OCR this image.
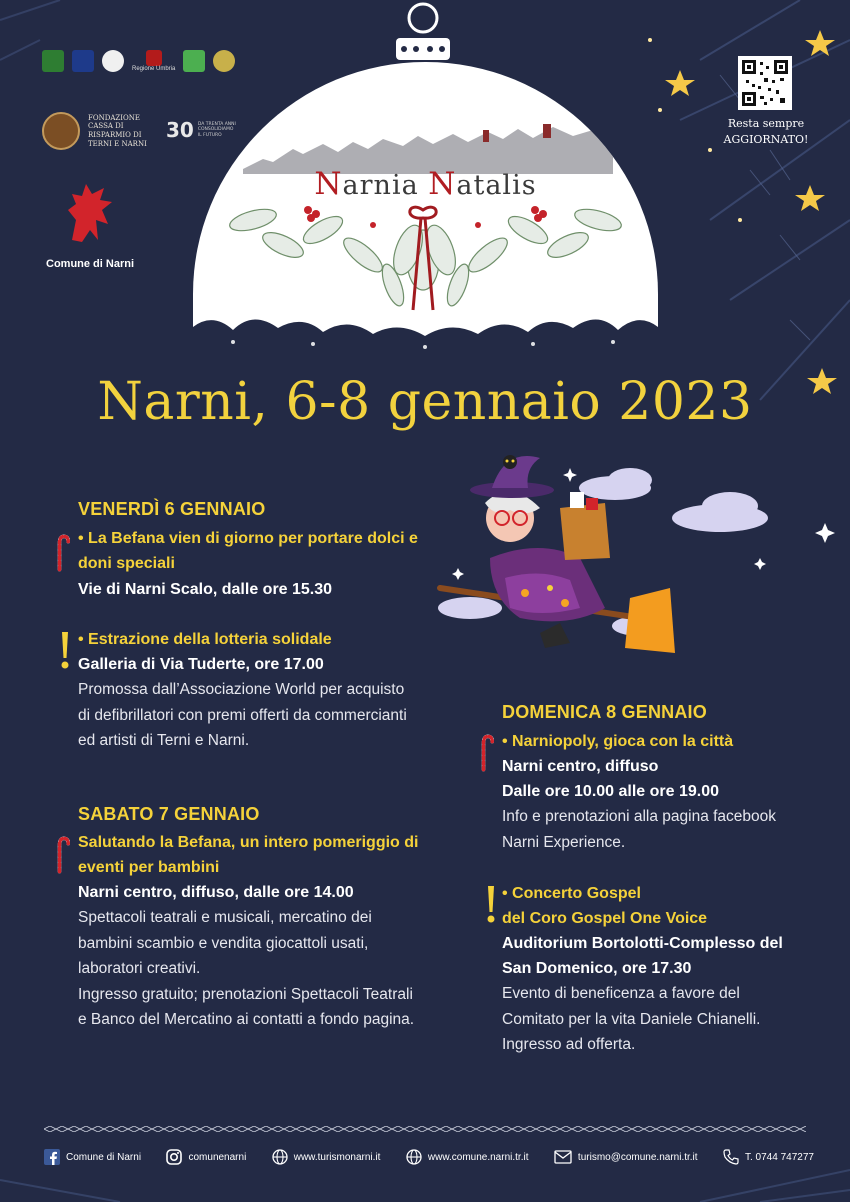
Narnia Natalis
Regione Umbria
FONDAZIONE CASSA DI RISPARMIO DI TERNI E NARNI
30 DA TRENTA ANNI CONSOLIDIAMO IL FUTURO
Comune di Narni
Resta sempre
AGGIORNATO!
Narni, 6-8 gennaio 2023
VENERDÌ 6 GENNAIO
• La Befana vien di giorno per portare dolci e
doni speciali
Vie di Narni Scalo, dalle ore 15.30
• Estrazione della lotteria solidale
Galleria di Via Tuderte, ore 17.00
Promossa dall’Associazione World per acquisto
di defibrillatori con premi offerti da commercianti
ed artisti di Terni e Narni.
SABATO 7 GENNAIO
Salutando la Befana, un intero pomeriggio di
eventi per bambini
Narni centro, diffuso, dalle ore 14.00
Spettacoli teatrali e musicali, mercatino dei
bambini scambio e vendita giocattoli usati,
laboratori creativi.
Ingresso gratuito; prenotazioni Spettacoli Teatrali
e Banco del Mercatino ai contatti a fondo pagina.
DOMENICA 8 GENNAIO
• Narniopoly, gioca con la città
Narni centro, diffuso
Dalle ore 10.00 alle ore 19.00
Info e prenotazioni alla pagina facebook
Narni Experience.
• Concerto Gospel
del Coro Gospel One Voice
Auditorium Bortolotti-Complesso del
San Domenico, ore 17.30
Evento di beneficenza a favore del
Comitato per la vita Daniele Chianelli.
Ingresso ad offerta.
Comune di Narni	comunenarni	www.turismonarni.it	www.comune.narni.tr.it	turismo@comune.narni.tr.it	T. 0744 747277
